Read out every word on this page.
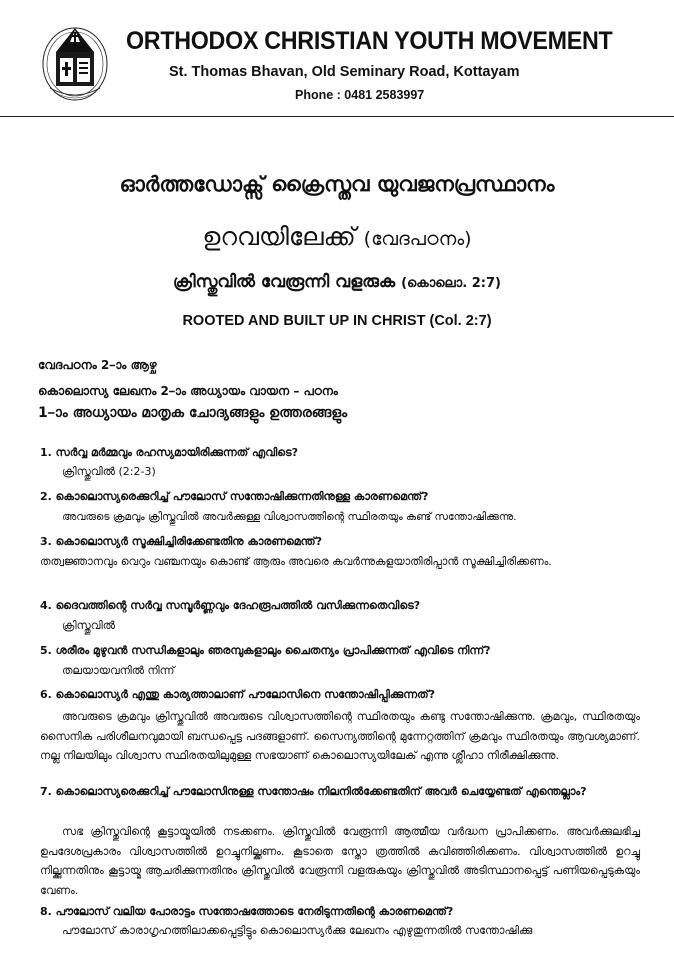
ORTHODOX CHRISTIAN YOUTH MOVEMENT
St. Thomas Bhavan, Old Seminary Road, Kottayam
Phone : 0481 2583997
ഓർത്തഡോക്സ് ക്രൈസ്തവ യുവജനപ്രസ്ഥാനം
ഉറവയിലേക്ക് (വേദപഠനം)
ക്രിസ്തുവിൽ വേരൂന്നി വളരുക (കൊലൊ. 2:7)
ROOTED AND BUILT UP IN CHRIST (Col. 2:7)
വേദപഠനം 2–ാം ആഴ്ച
കൊലൊസ്യ ലേഖനം 2–ാം അധ്യായം വായന – പഠനം
1–ാം അധ്യായം മാതൃക ചോദ്യങ്ങളും ഉത്തരങ്ങളും
1. സർവ്വ മർമ്മവും രഹസ്യമായിരിക്കുന്നത് എവിടെ?
ക്രിസ്തുവിൽ (2:2-3)
2. കൊലൊസ്യരെക്കുറിച്ച് പൗലോസ് സന്തോഷിക്കുന്നതിനുള്ള കാരണമെന്ത്?
അവരുടെ ക്രമവും ക്രിസ്തുവിൽ അവർക്കുള്ള വിശ്വാസത്തിന്റെ സ്ഥിരതയും കണ്ട് സന്തോഷിക്കുന്നു.
3. കൊലൊസ്യർ സൂക്ഷിച്ചിരിക്കേണ്ടതിനു കാരണമെന്ത്?
തത്വജ്ഞാനവും വെറും വഞ്ചനയും കൊണ്ട് ആരും അവരെ കവർന്നുകളയാതിരിപ്പാൻ സൂക്ഷിച്ചിരിക്കണം.
4. ദൈവത്തിന്റെ സർവ്വ സമ്പൂർണ്ണവും ദേഹരൂപത്തിൽ വസിക്കുന്നതെവിടെ?
ക്രിസ്തുവിൽ
5. ശരീരം മുഴുവൻ സന്ധികളാലും ഞരമ്പുകളാലും ചൈതന്യം പ്രാപിക്കുന്നത് എവിടെ നിന്ന്?
തലയായവനിൽ നിന്ന്
6. കൊലൊസ്യർ എന്തു കാര്യത്താലാണ് പൗലോസിനെ സന്തോഷിപ്പിക്കുന്നത്?
അവരുടെ ക്രമവും ക്രിസ്തുവിൽ അവരുടെ വിശ്വാസത്തിന്റെ സ്ഥിരതയും കണ്ടു സന്തോഷിക്കുന്നു. ക്രമവും, സ്ഥിരതയും സൈനിക പരിശീലനവുമായി ബന്ധപ്പെട്ട പദങ്ങളാണ്. സൈന്യത്തിന്റെ മുന്നേറ്റത്തിന് ക്രമവും സ്ഥിരതയും ആവശ്യമാണ്. നല്ല നിലയിലും വിശ്വാസ സ്ഥിരതയിലുമുള്ള സഭയാണ് കൊലൊസ്യയിലേക് എന്നു ശ്ലീഹാ നിരീക്ഷിക്കുന്നു.
7. കൊലൊസ്യരെക്കുറിച്ച് പൗലോസിനുള്ള സന്തോഷം നിലനിൽക്കേണ്ടതിന് അവർ ചെയ്യേണ്ടത് എന്തെല്ലാം?
സഭ ക്രിസ്തുവിന്റെ കൂട്ടായ്മയിൽ നടക്കണം. ക്രിസ്തുവിൽ വേരൂന്നി ആത്മീയ വർദ്ധന പ്രാപിക്കണം. അവർക്കുലഭിച്ച ഉപദേശപ്രകാരം വിശ്വാസത്തിൽ ഉറച്ചുനില്ക്കണം. കൂടാതെ സ്തോ ത്രത്തിൽ കവിഞ്ഞിരിക്കണം. വിശ്വാസത്തിൽ ഉറച്ചു നില്ക്കുന്നതിനും കൂട്ടായ്മ ആചരിക്കുന്നതിനും ക്രിസ്തുവിൽ വേരൂന്നി വളരുകയും ക്രിസ്തുവിൽ അടിസ്ഥാനപ്പെട്ട് പണിയപ്പെടുകയും വേണം.
8. പൗലോസ് വലിയ പോരാട്ടം സന്തോഷത്തോടെ നേരിടുന്നതിന്റെ കാരണമെന്ത്?
പൗലോസ് കാരാഗൃഹത്തിലാക്കപ്പെട്ടിട്ടും കൊലൊസ്യർക്കു ലേഖനം എഴുതുന്നതിൽ സന്തോഷിക്കു
